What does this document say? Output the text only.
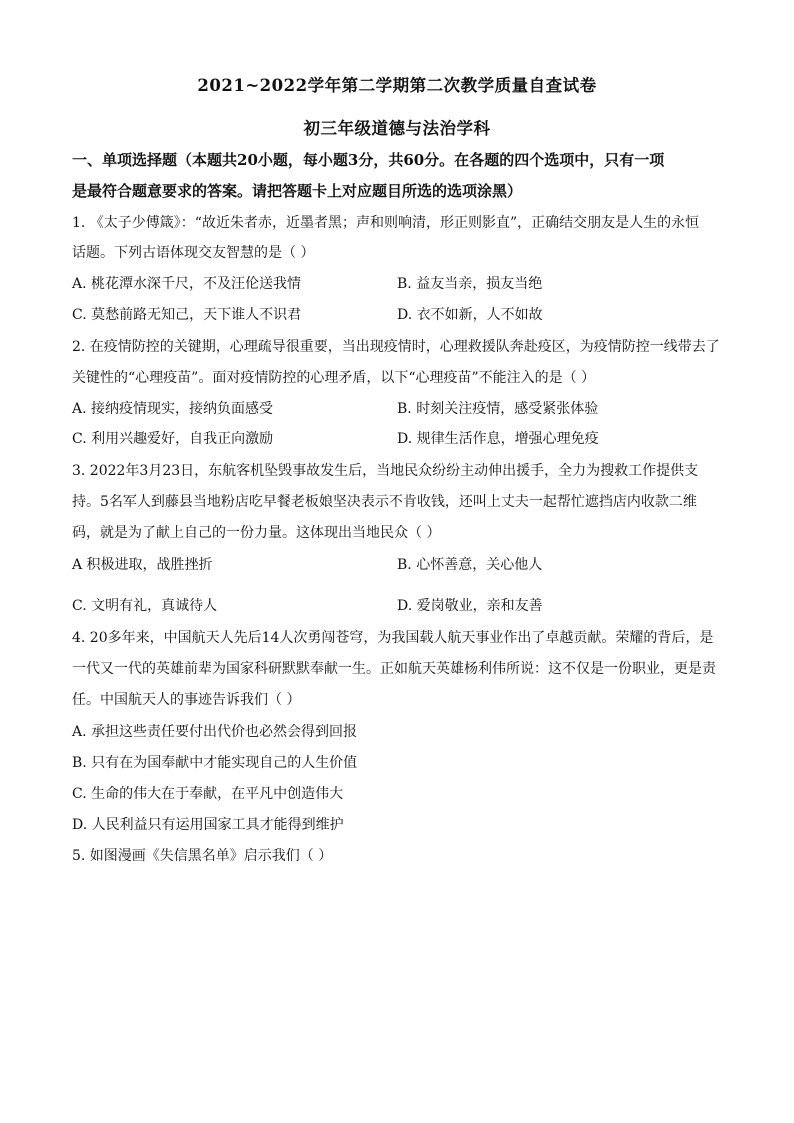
2021~2022学年第二学期第二次教学质量自查试卷
初三年级道德与法治学科
一、单项选择题（本题共20小题，每小题3分，共60分。在各题的四个选项中，只有一项
是最符合题意要求的答案。请把答题卡上对应题目所选的选项涂黑）
1. 《太子少傅箴》：“故近朱者赤，近墨者黑；声和则响清，形正则影直”，正确结交朋友是人生的永恒
话题。下列古语体现交友智慧的是（ ）
A. 桃花潭水深千尺，不及汪伦送我情	B. 益友当亲，损友当绝
C. 莫愁前路无知己，天下谁人不识君	D. 衣不如新，人不如故
2. 在疫情防控的关键期，心理疏导很重要，当出现疫情时，心理救援队奔赴疫区，为疫情防控一线带去了
关键性的“心理疫苗”。面对疫情防控的心理矛盾，以下“心理疫苗”不能注入的是（ ）
A. 接纳疫情现实，接纳负面感受	B. 时刻关注疫情，感受紧张体验
C. 利用兴趣爱好，自我正向激励	D. 规律生活作息，增强心理免疫
3. 2022年3月23日，东航客机坠毁事故发生后，当地民众纷纷主动伸出援手，全力为搜救工作提供支
持。5名军人到藤县当地粉店吃早餐老板娘坚决表示不肯收钱，还叫上丈夫一起帮忙遮挡店内收款二维
码，就是为了献上自己的一份力量。这体现出当地民众（ ）
A 积极进取，战胜挫折	B. 心怀善意，关心他人
C. 文明有礼，真诚待人	D. 爱岗敬业，亲和友善
4. 20多年来，中国航天人先后14人次勇闯苍穹，为我国载人航天事业作出了卓越贡献。荣耀的背后，是
一代又一代的英雄前辈为国家科研默默奉献一生。正如航天英雄杨利伟所说：这不仅是一份职业，更是责
任。中国航天人的事迹告诉我们（ ）
A. 承担这些责任要付出代价也必然会得到回报
B. 只有在为国奉献中才能实现自己的人生价值
C. 生命的伟大在于奉献，在平凡中创造伟大
D. 人民利益只有运用国家工具才能得到维护
5. 如图漫画《失信黑名单》启示我们（ ）
